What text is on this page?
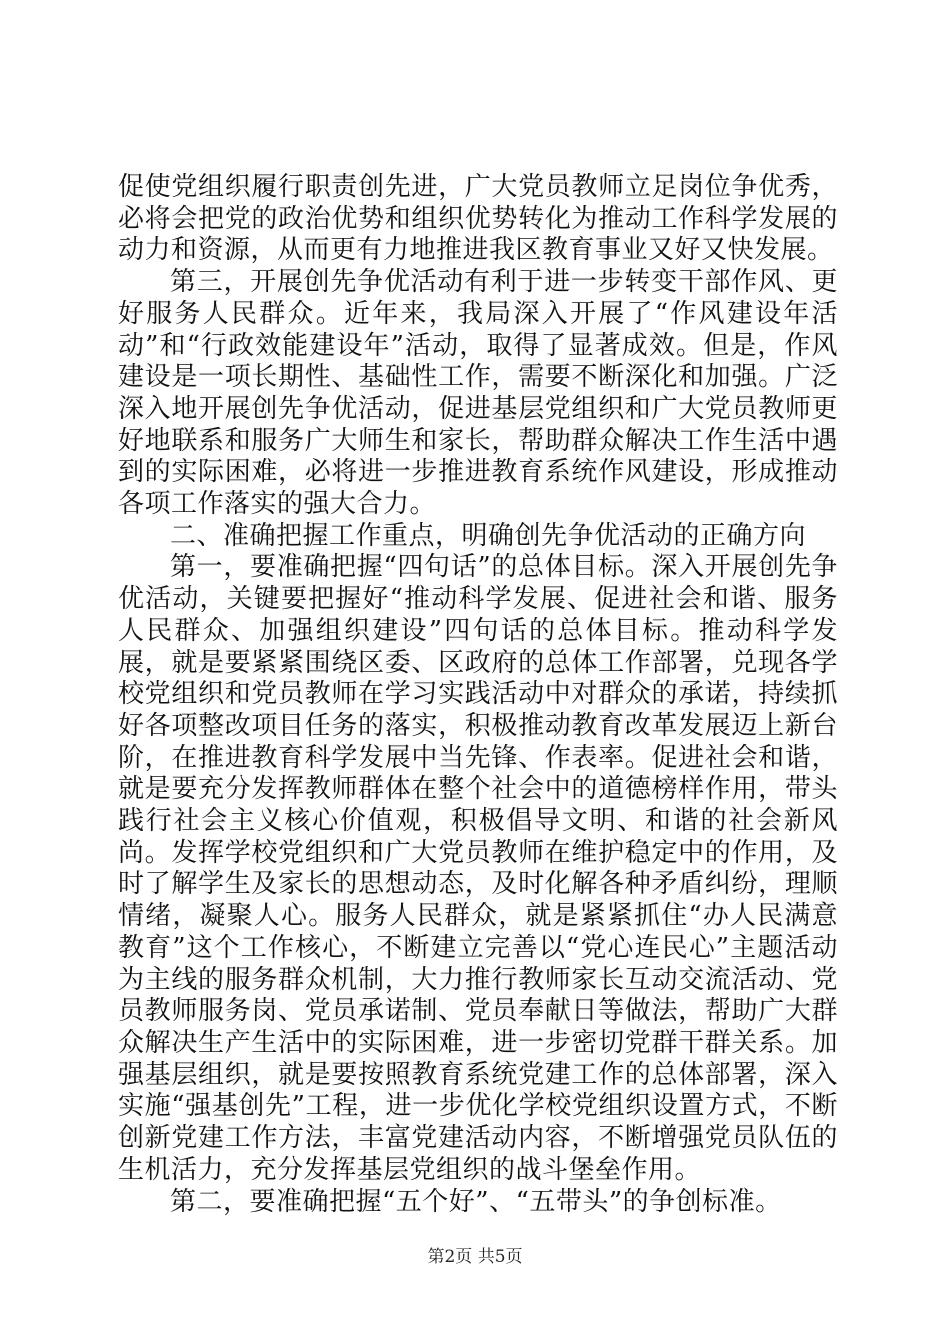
促使党组织履行职责创先进，广大党员教师立足岗位争优秀，必将会把党的政治优势和组织优势转化为推动工作科学发展的动力和资源，从而更有力地推进我区教育事业又好又快发展。

第三，开展创先争优活动有利于进一步转变干部作风、更好服务人民群众。近年来，我局深入开展了“作风建设年活动”和“行政效能建设年”活动，取得了显著成效。但是，作风建设是一项长期性、基础性工作，需要不断深化和加强。广泛深入地开展创先争优活动，促进基层党组织和广大党员教师更好地联系和服务广大师生和家长，帮助群众解决工作生活中遇到的实际困难，必将进一步推进教育系统作风建设，形成推动各项工作落实的强大合力。

二、准确把握工作重点，明确创先争优活动的正确方向

第一，要准确把握“四句话”的总体目标。深入开展创先争优活动，关键要把握好“推动科学发展、促进社会和谐、服务人民群众、加强组织建设”四句话的总体目标。推动科学发展，就是要紧紧围绕区委、区政府的总体工作部署，兑现各学校党组织和党员教师在学习实践活动中对群众的承诺，持续抓好各项整改项目任务的落实，积极推动教育改革发展迈上新台阶，在推进教育科学发展中当先锋、作表率。促进社会和谐，就是要充分发挥教师群体在整个社会中的道德榜样作用，带头践行社会主义核心价值观，积极倡导文明、和谐的社会新风尚。发挥学校党组织和广大党员教师在维护稳定中的作用，及时了解学生及家长的思想动态，及时化解各种矛盾纠纷，理顺情绪，凝聚人心。服务人民群众，就是紧紧抓住“办人民满意教育”这个工作核心，不断建立完善以“党心连民心”主题活动为主线的服务群众机制，大力推行教师家长互动交流活动、党员教师服务岗、党员承诺制、党员奉献日等做法，帮助广大群众解决生产生活中的实际困难，进一步密切党群干群关系。加强基层组织，就是要按照教育系统党建工作的总体部署，深入实施“强基创先”工程，进一步优化学校党组织设置方式，不断创新党建工作方法，丰富党建活动内容，不断增强党员队伍的生机活力，充分发挥基层党组织的战斗堡垒作用。

第二，要准确把握“五个好”、“五带头”的争创标准。

第2页 共5页
